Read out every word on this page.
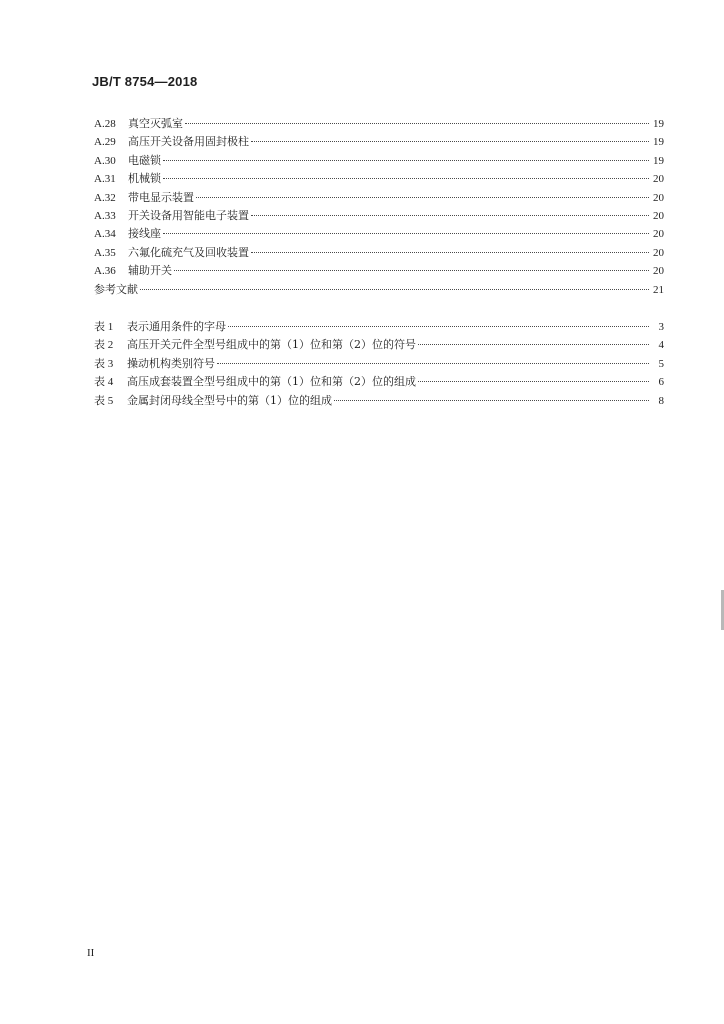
JB/T 8754—2018
A.28	真空灭弧室	19
A.29	高压开关设备用固封极柱	19
A.30	电磁锁	19
A.31	机械锁	20
A.32	带电显示装置	20
A.33	开关设备用智能电子装置	20
A.34	接线座	20
A.35	六氟化硫充气及回收装置	20
A.36	辅助开关	20
参考文献	21
表 1	表示通用条件的字母	3
表 2	高压开关元件全型号组成中的第（1）位和第（2）位的符号	4
表 3	操动机构类别符号	5
表 4	高压成套装置全型号组成中的第（1）位和第（2）位的组成	6
表 5	金属封闭母线全型号中的第（1）位的组成	8
II
